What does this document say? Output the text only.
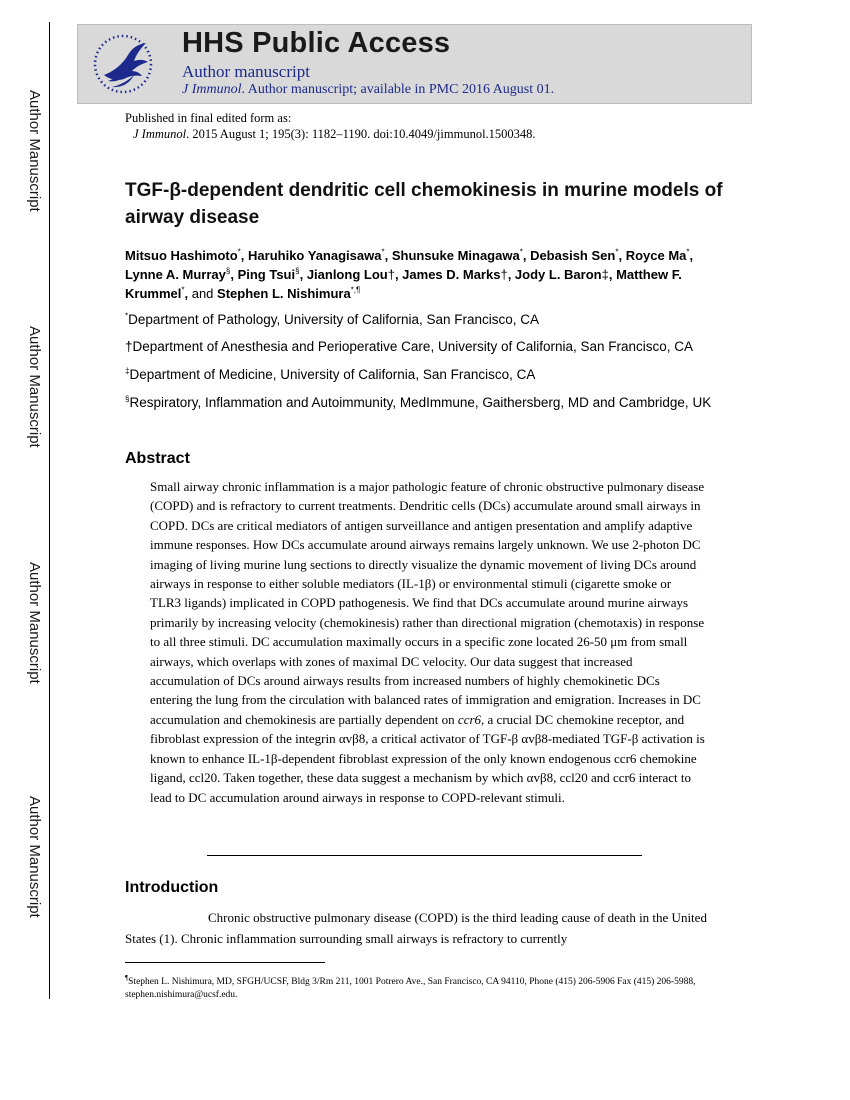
Author Manuscript
Author Manuscript
Author Manuscript
Author Manuscript
HHS Public Access
Author manuscript
J Immunol. Author manuscript; available in PMC 2016 August 01.
Published in final edited form as:
J Immunol. 2015 August 1; 195(3): 1182–1190. doi:10.4049/jimmunol.1500348.
TGF-β-dependent dendritic cell chemokinesis in murine models of airway disease
Mitsuo Hashimoto*, Haruhiko Yanagisawa*, Shunsuke Minagawa*, Debasish Sen*, Royce Ma*, Lynne A. Murray§, Ping Tsui§, Jianlong Lou†, James D. Marks†, Jody L. Baron‡, Matthew F. Krummel*, and Stephen L. Nishimura*,¶
*Department of Pathology, University of California, San Francisco, CA
†Department of Anesthesia and Perioperative Care, University of California, San Francisco, CA
‡Department of Medicine, University of California, San Francisco, CA
§Respiratory, Inflammation and Autoimmunity, MedImmune, Gaithersberg, MD and Cambridge, UK
Abstract
Small airway chronic inflammation is a major pathologic feature of chronic obstructive pulmonary disease (COPD) and is refractory to current treatments. Dendritic cells (DCs) accumulate around small airways in COPD. DCs are critical mediators of antigen surveillance and antigen presentation and amplify adaptive immune responses. How DCs accumulate around airways remains largely unknown. We use 2-photon DC imaging of living murine lung sections to directly visualize the dynamic movement of living DCs around airways in response to either soluble mediators (IL-1β) or environmental stimuli (cigarette smoke or TLR3 ligands) implicated in COPD pathogenesis. We find that DCs accumulate around murine airways primarily by increasing velocity (chemokinesis) rather than directional migration (chemotaxis) in response to all three stimuli. DC accumulation maximally occurs in a specific zone located 26-50 μm from small airways, which overlaps with zones of maximal DC velocity. Our data suggest that increased accumulation of DCs around airways results from increased numbers of highly chemokinetic DCs entering the lung from the circulation with balanced rates of immigration and emigration. Increases in DC accumulation and chemokinesis are partially dependent on ccr6, a crucial DC chemokine receptor, and fibroblast expression of the integrin αvβ8, a critical activator of TGF-β αvβ8-mediated TGF-β activation is known to enhance IL-1β-dependent fibroblast expression of the only known endogenous ccr6 chemokine ligand, ccl20. Taken together, these data suggest a mechanism by which αvβ8, ccl20 and ccr6 interact to lead to DC accumulation around airways in response to COPD-relevant stimuli.
Introduction
Chronic obstructive pulmonary disease (COPD) is the third leading cause of death in the United States (1). Chronic inflammation surrounding small airways is refractory to currently
¶Stephen L. Nishimura, MD, SFGH/UCSF, Bldg 3/Rm 211, 1001 Potrero Ave., San Francisco, CA 94110, Phone (415) 206-5906 Fax (415) 206-5988, stephen.nishimura@ucsf.edu.
